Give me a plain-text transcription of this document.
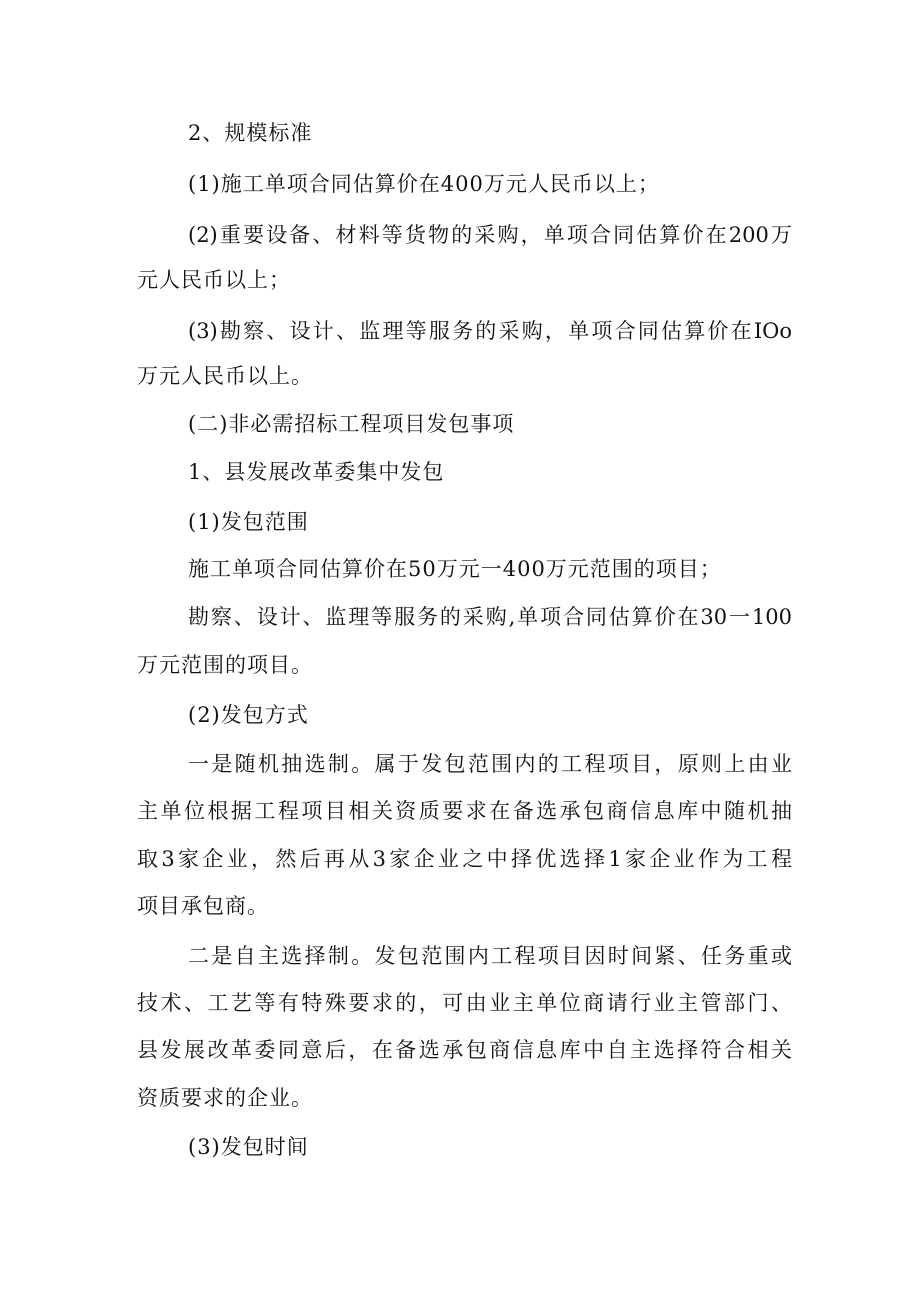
2、规模标准

(1)施工单项合同估算价在400万元人民币以上；

(2)重要设备、材料等货物的采购，单项合同估算价在200万

元人民币以上；

(3)勘察、设计、监理等服务的采购，单项合同估算价在IOo

万元人民币以上。

(二)非必需招标工程项目发包事项

1、县发展改革委集中发包

(1)发包范围

施工单项合同估算价在50万元一400万元范围的项目；

勘察、设计、监理等服务的采购,单项合同估算价在30一100

万元范围的项目。

(2)发包方式

一是随机抽选制。属于发包范围内的工程项目，原则上由业

主单位根据工程项目相关资质要求在备选承包商信息库中随机抽

取3家企业，然后再从3家企业之中择优选择1家企业作为工程

项目承包商。

二是自主选择制。发包范围内工程项目因时间紧、任务重或

技术、工艺等有特殊要求的，可由业主单位商请行业主管部门、

县发展改革委同意后，在备选承包商信息库中自主选择符合相关

资质要求的企业。

(3)发包时间
